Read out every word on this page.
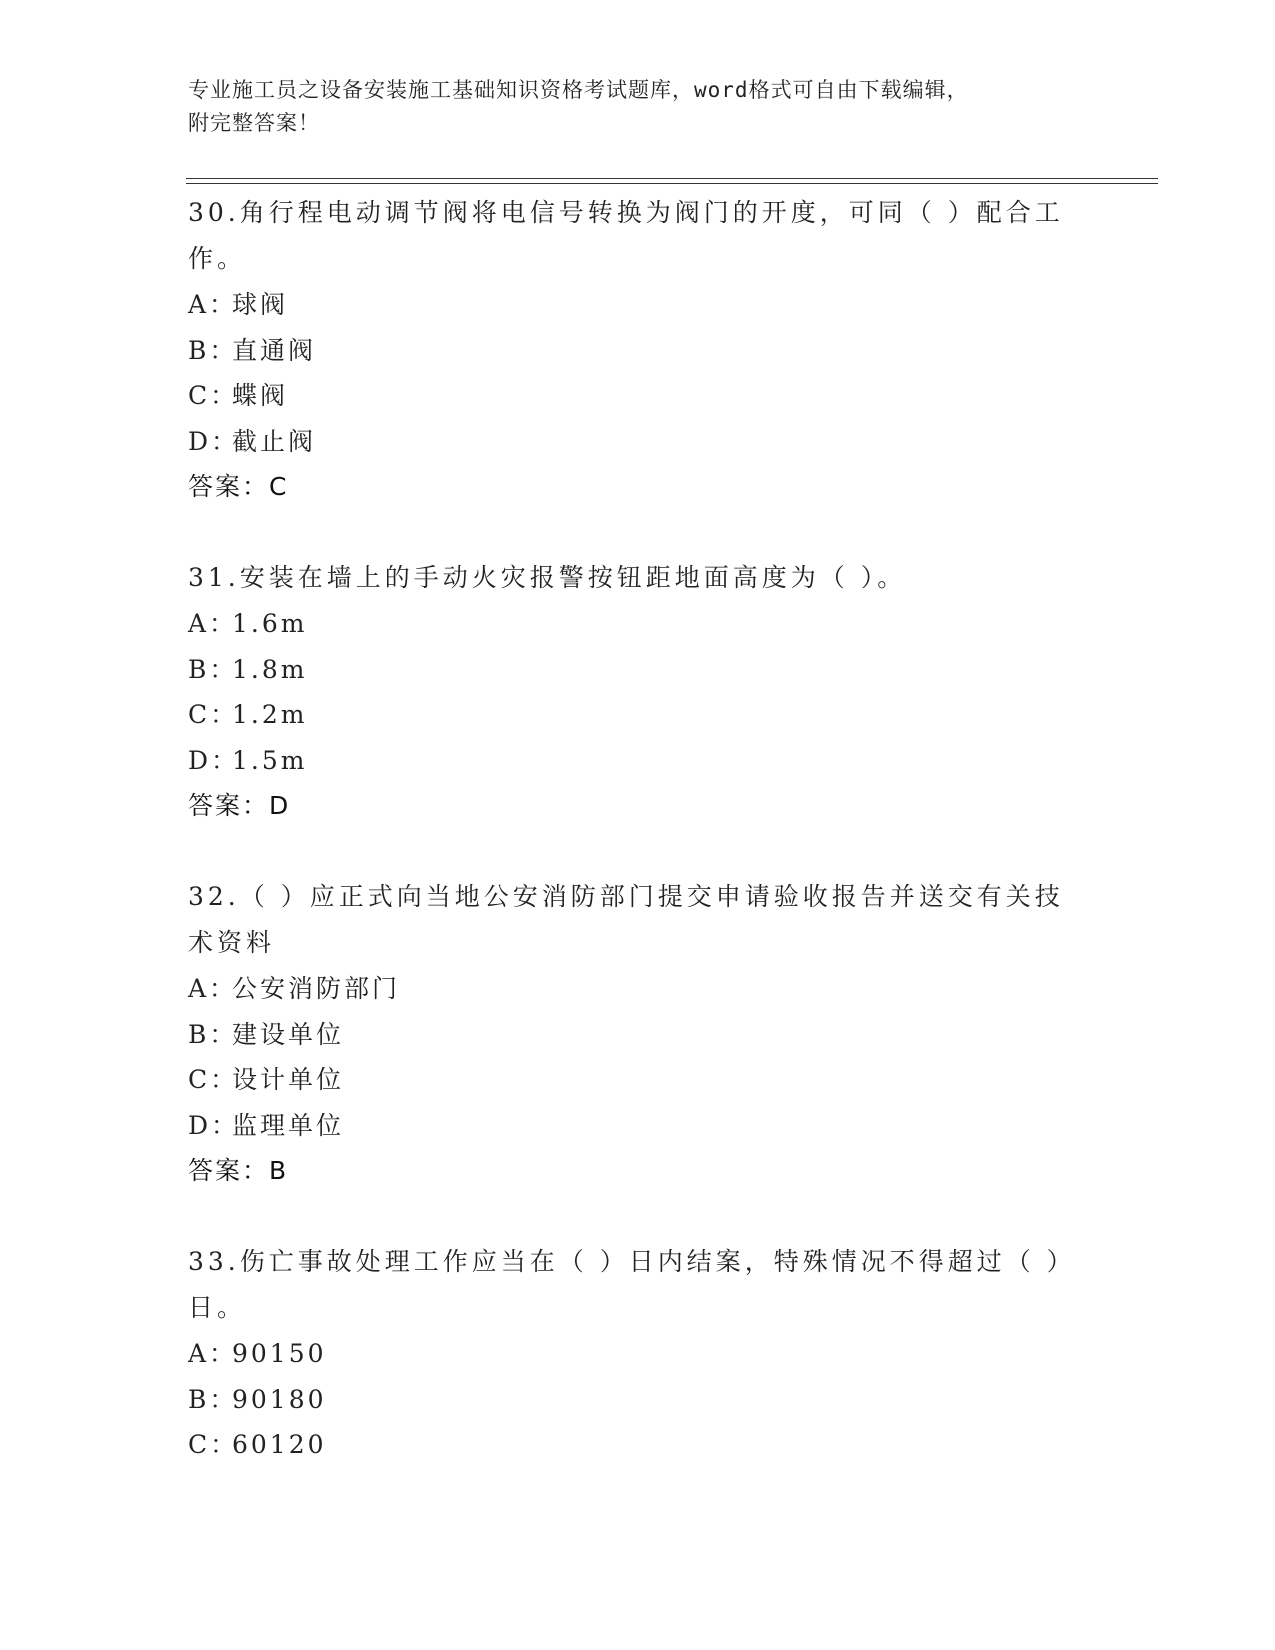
专业施工员之设备安装施工基础知识资格考试题库，word格式可自由下载编辑，
附完整答案！
30.角行程电动调节阀将电信号转换为阀门的开度，可同（ ）配合工作。
A：球阀
B：直通阀
C：蝶阀
D：截止阀
答案：C
31.安装在墙上的手动火灾报警按钮距地面高度为（ ）。
A：1.6m
B：1.8m
C：1.2m
D：1.5m
答案：D
32.（ ）应正式向当地公安消防部门提交申请验收报告并送交有关技术资料
A：公安消防部门
B：建设单位
C：设计单位
D：监理单位
答案：B
33.伤亡事故处理工作应当在（ ）日内结案，特殊情况不得超过（ ）日。
A：90150
B：90180
C：60120
